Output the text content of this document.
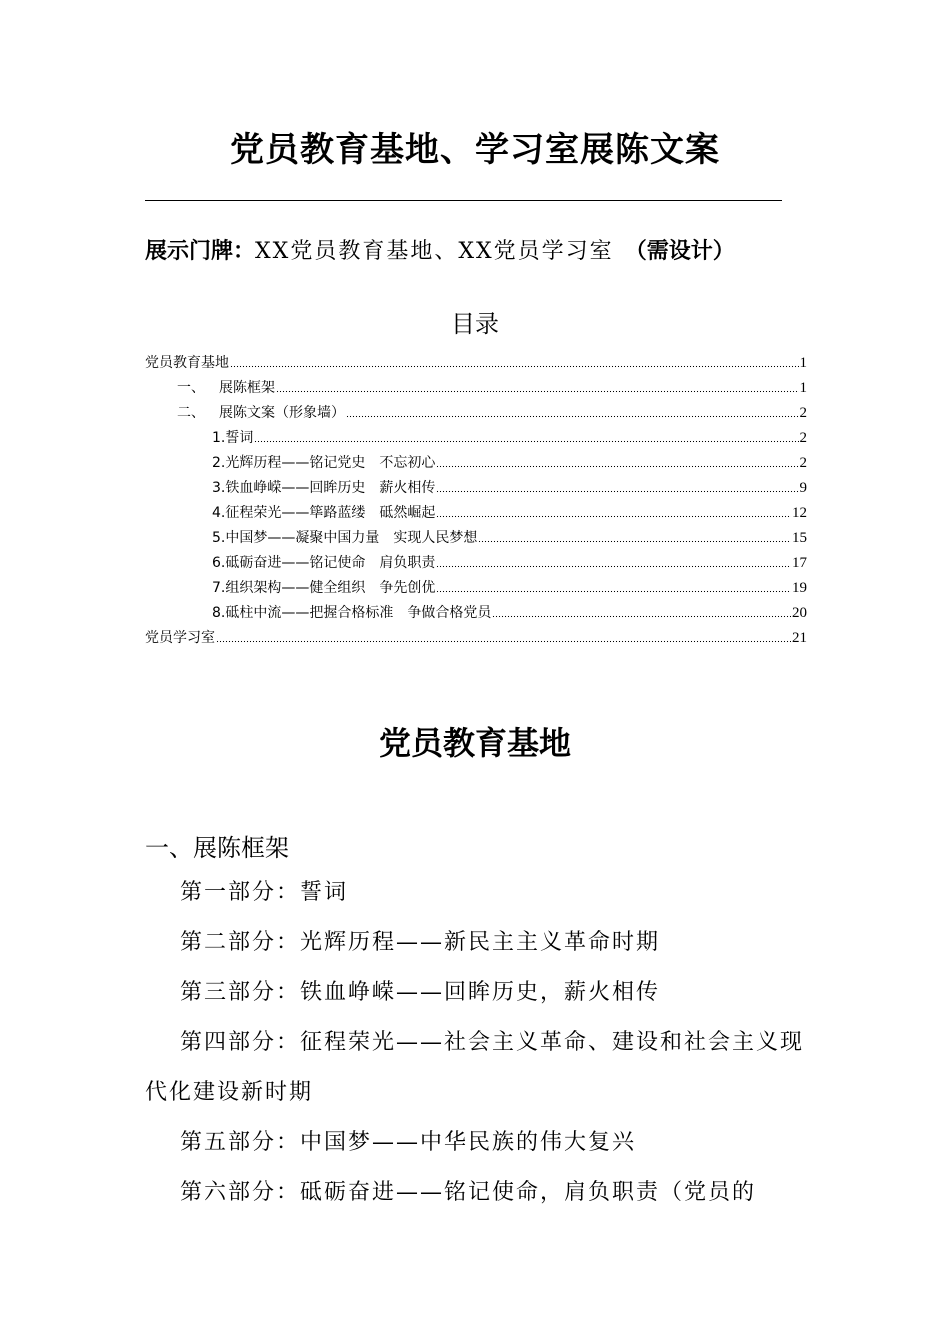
党员教育基地、学习室展陈文案
展示门牌：XX党员教育基地、XX党员学习室　 （需设计）
目录
党员教育基地	1
一、 展陈框架	1
二、 展陈文案（形象墙）	2
1.誓词	2
2.光辉历程——铭记党史　不忘初心	2
3.铁血峥嵘——回眸历史　薪火相传	9
4.征程荣光——筚路蓝缕　砥然崛起	12
5.中国梦——凝聚中国力量　实现人民梦想	15
6.砥砺奋进——铭记使命　肩负职责	17
7.组织架构——健全组织　争先创优	19
8.砥柱中流——把握合格标准　争做合格党员	20
党员学习室	21
党员教育基地
一、展陈框架

第一部分：誓词

第二部分：光辉历程——新民主主义革命时期

第三部分：铁血峥嵘——回眸历史，薪火相传

第四部分：征程荣光——社会主义革命、建设和社会主义现代化建设新时期

第五部分：中国梦——中华民族的伟大复兴

第六部分：砥砺奋进——铭记使命，肩负职责（党员的
